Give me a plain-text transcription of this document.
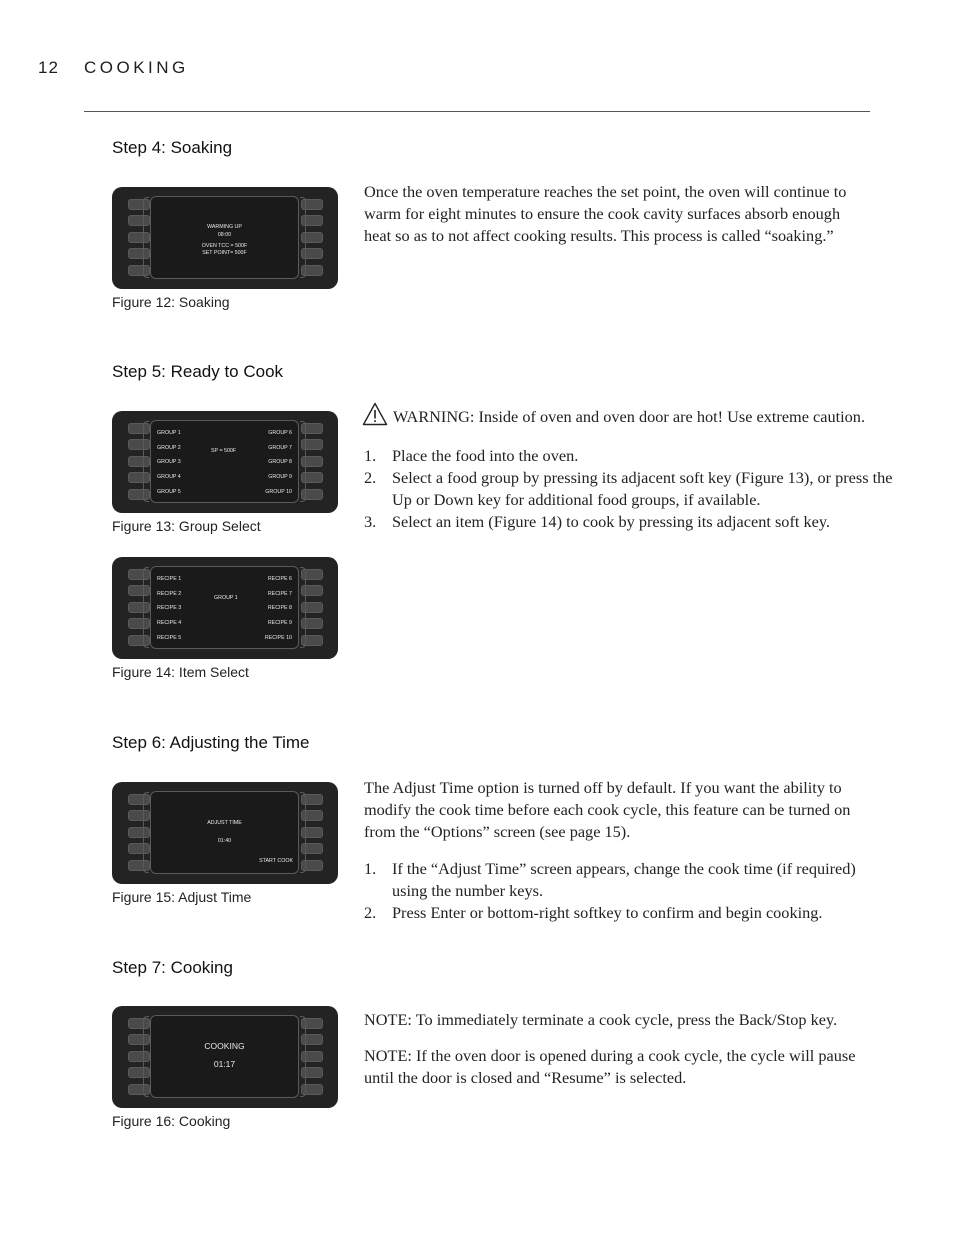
12 COOKING
Step 4: Soaking
WARMING UP
08:00
OVEN TCC = 500F
SET POINT= 500F
Figure 12: Soaking

Once the oven temperature reaches the set point, the oven will continue to warm for eight minutes to ensure the cook cavity surfaces absorb enough heat so as to not affect cooking results. This process is called “soaking.”

Step 5: Ready to Cook
GROUP 1
GROUP 2
GROUP 3
GROUP 4
GROUP 5
GROUP 6
GROUP 7
GROUP 8
GROUP 9
GROUP 10
SP = 500F
Figure 13: Group Select
RECIPE 1
RECIPE 2
RECIPE 3
RECIPE 4
RECIPE 5
RECIPE 6
RECIPE 7
RECIPE 8
RECIPE 9
RECIPE 10
GROUP 1
Figure 14: Item Select
WARNING: Inside of oven and oven door are hot! Use extreme caution.
1. Place the food into the oven.
2. Select a food group by pressing its adjacent soft key (Figure 13), or press the Up or Down key for additional food groups, if available.
3. Select an item (Figure 14) to cook by pressing its adjacent soft key.
Step 6: Adjusting the Time
ADJUST TIME
01:40
START COOK
Figure 15: Adjust Time

The Adjust Time option is turned off by default. If you want the ability to modify the cook time before each cook cycle, this feature can be turned on from the “Options” screen (see page 15).

1. If the “Adjust Time” screen appears, change the cook time (if required) using the number keys.
2. Press Enter or bottom-right softkey to confirm and begin cooking.
Step 7: Cooking
COOKING
01:17
Figure 16: Cooking

NOTE: To immediately terminate a cook cycle, press the Back/Stop key.

NOTE: If the oven door is opened during a cook cycle, the cycle will pause until the door is closed and “Resume” is selected.
